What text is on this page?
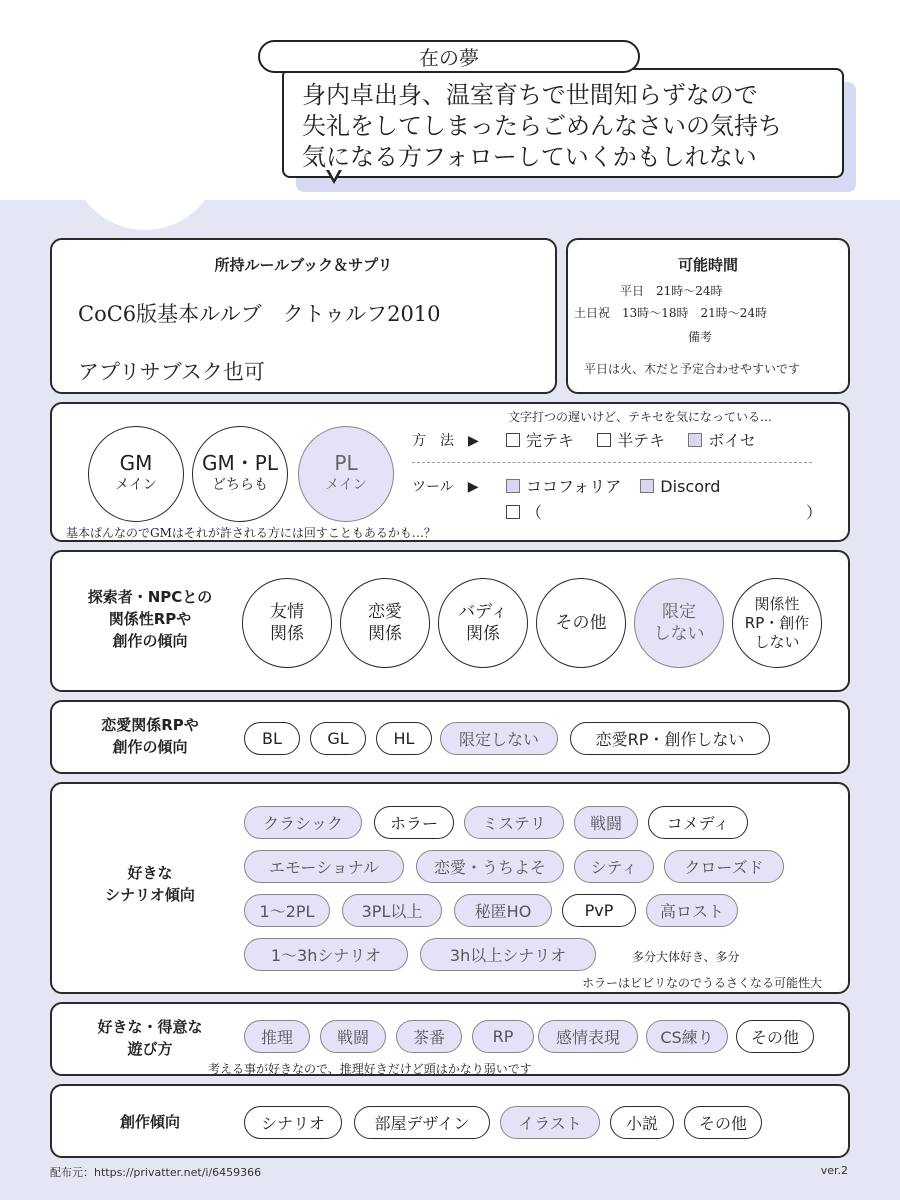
在の夢
身内卓出身、温室育ちで世間知らずなので
失礼をしてしまったらごめんなさいの気持ち
気になる方フォローしていくかもしれない
所持ルールブック＆サプリ
CoC6版基本ルルブ　クトゥルフ2010
アプリサブスク也可
可能時間
平日　21時〜24時
土日祝　13時〜18時　21時〜24時
備考
平日は火、木だと予定合わせやすいです
GM
メイン
GM・PL
どちらも
PL
メイン
文字打つの遅いけど、テキセを気になっている…
方　法　▶	完テキ	半テキ	ボイセ
ツール　▶	ココフォリア Discord
（	）
基本ぱんなのでGMはそれが許される方には回すこともあるかも…？
探索者・NPCとの
関係性RPや
創作の傾向
友情
関係
恋愛
関係
バディ
関係
その他
限定
しない
関係性
RP・創作
しない
恋愛関係RPや
創作の傾向	BL	GL	HL	限定しない	恋愛RP・創作しない
好きな
シナリオ傾向
クラシック	ホラー	ミステリ	戦闘	コメディ
エモーショナル	恋愛・うちよそ	シティ	クローズド
1〜2PL	3PL以上	秘匿HO	PvP	高ロスト
1〜3hシナリオ	3h以上シナリオ	多分大体好き、多分
ホラーはビビリなのでうるさくなる可能性大
好きな・得意な
遊び方
推理	戦闘	茶番	RP	感情表現	CS練り	その他
考える事が好きなので、推理好きだけど頭はかなり弱いです
創作傾向	シナリオ	部屋デザイン	イラスト	小説	その他
配布元：https://privatter.net/i/6459366	ver.2
